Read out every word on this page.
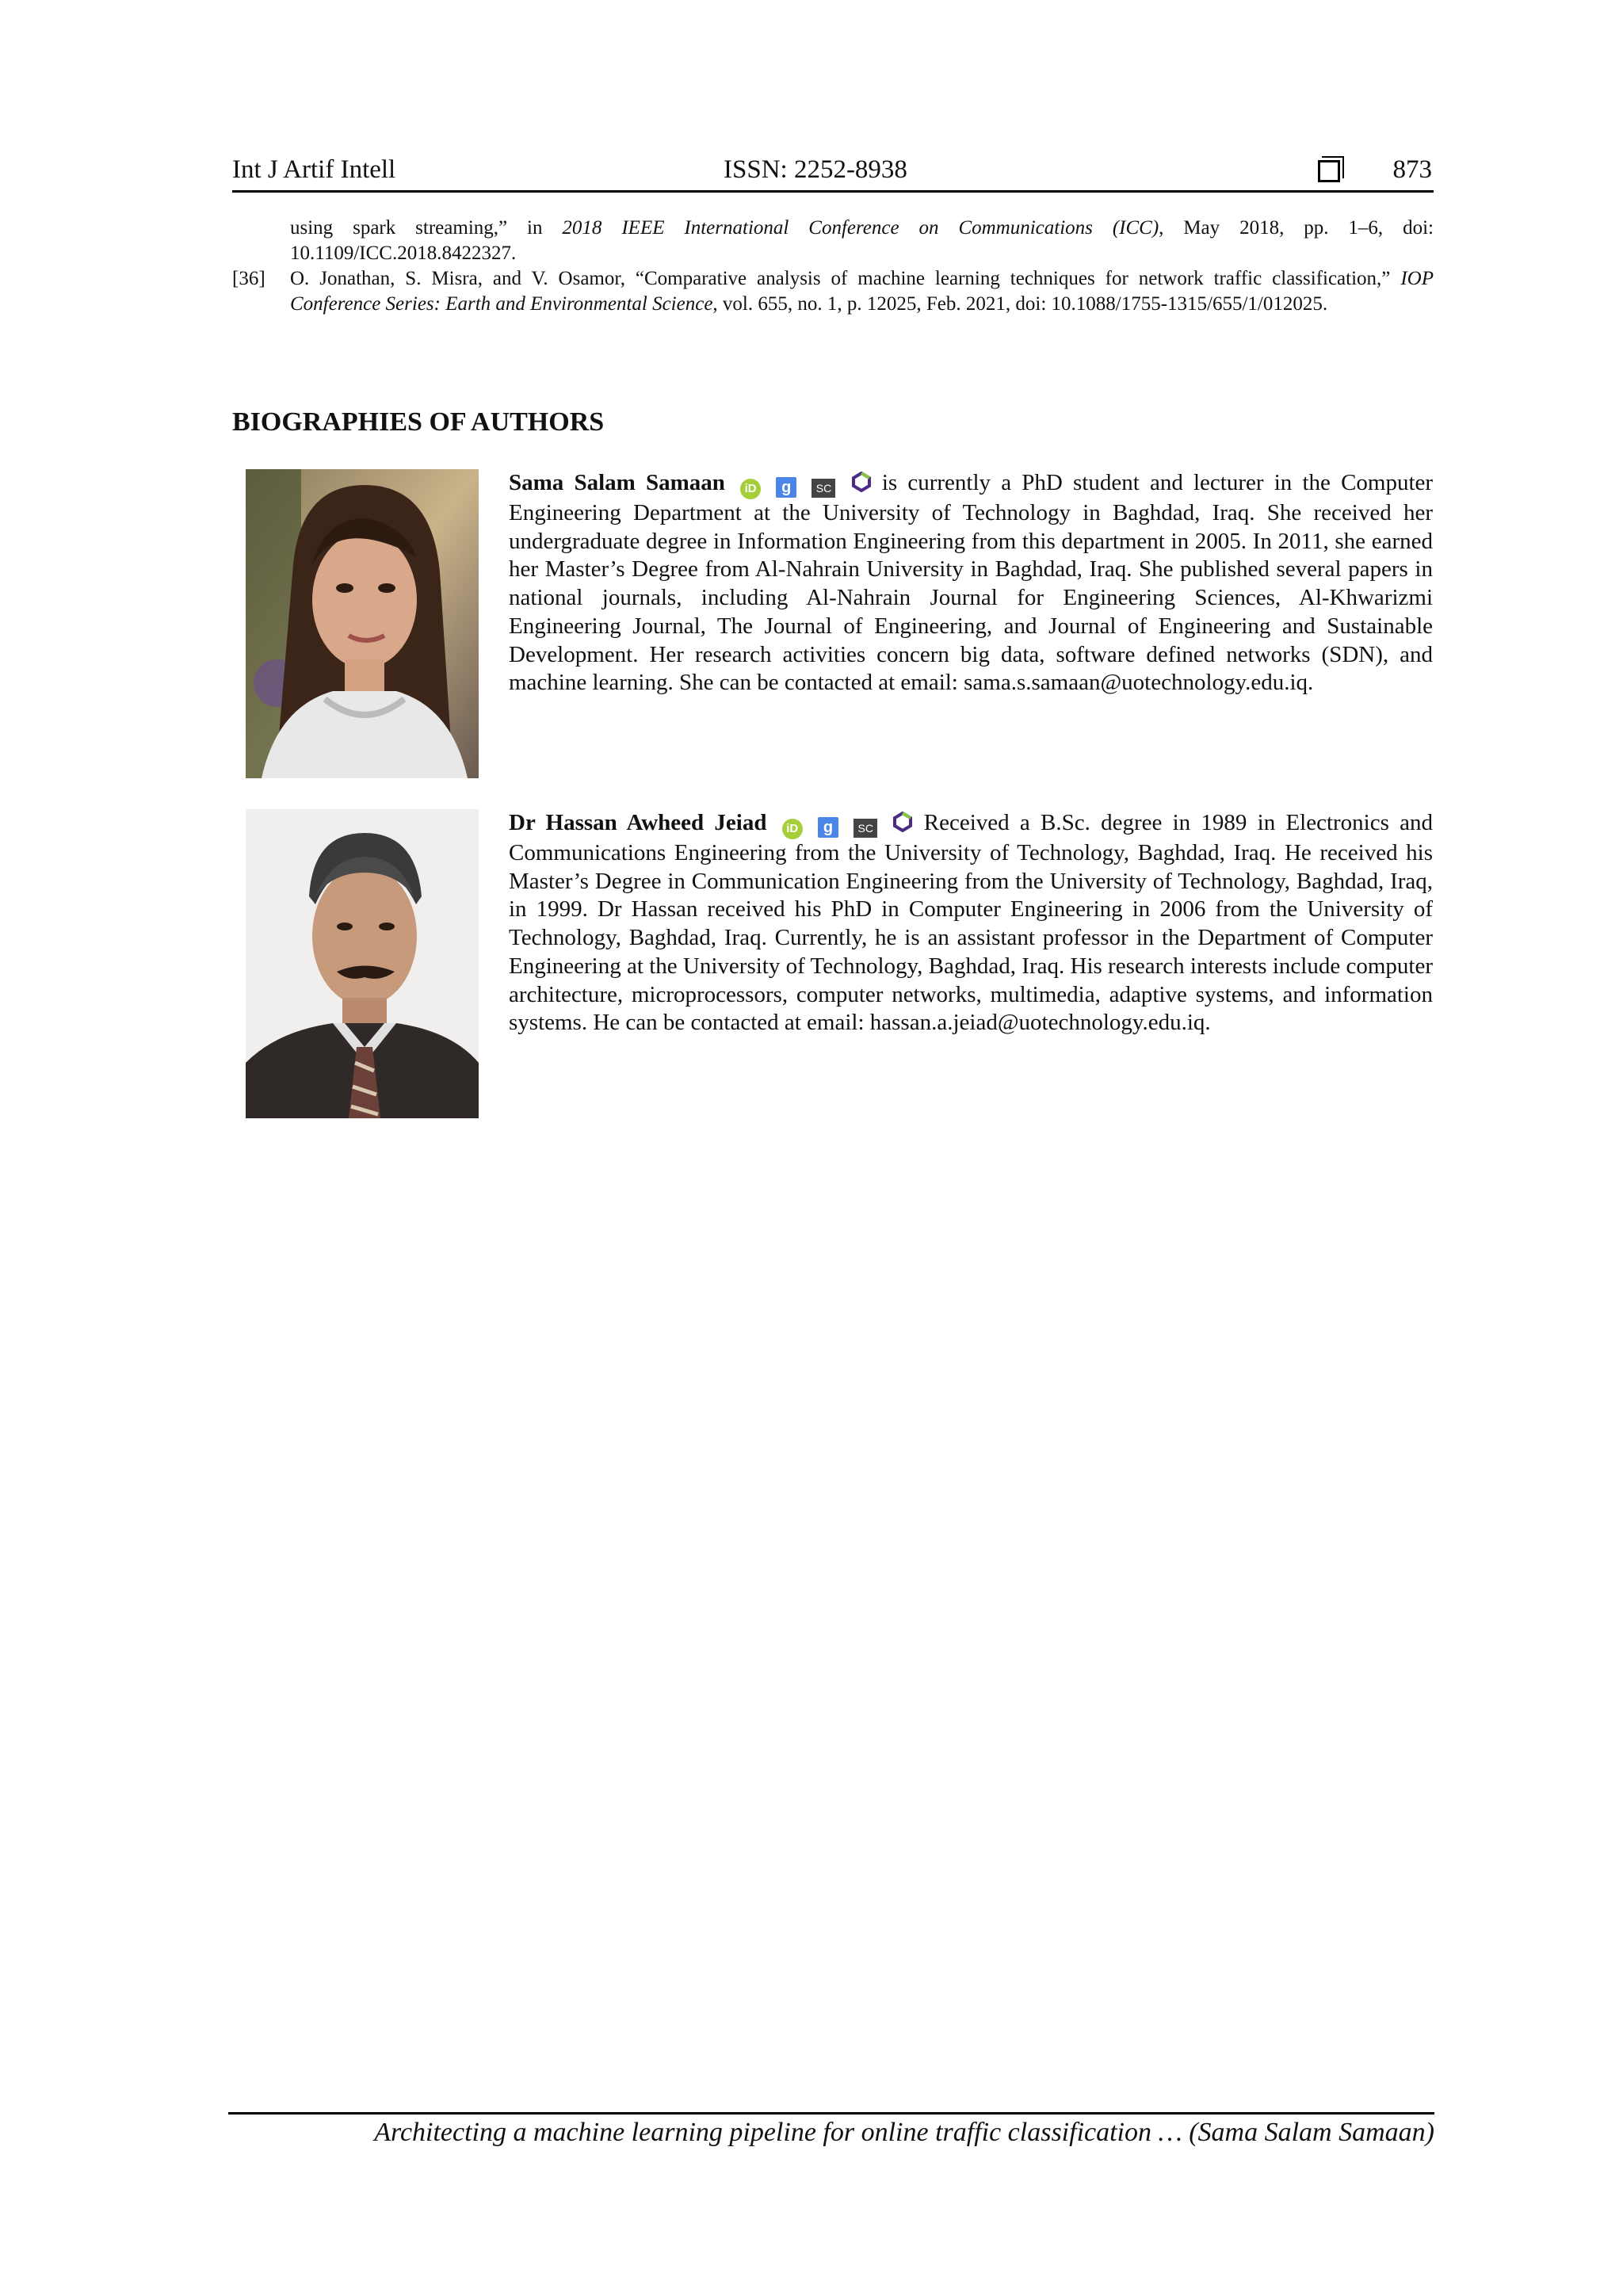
Int J Artif Intell	ISSN: 2252-8938	873
using spark streaming,” in 2018 IEEE International Conference on Communications (ICC), May 2018, pp. 1–6, doi: 10.1109/ICC.2018.8422327.
[36] O. Jonathan, S. Misra, and V. Osamor, “Comparative analysis of machine learning techniques for network traffic classification,” IOP Conference Series: Earth and Environmental Science, vol. 655, no. 1, p. 12025, Feb. 2021, doi: 10.1088/1755-1315/655/1/012025.
BIOGRAPHIES OF AUTHORS
Sama Salam Samaan iD g SC is currently a PhD student and lecturer in the Computer Engineering Department at the University of Technology in Baghdad, Iraq. She received her undergraduate degree in Information Engineering from this department in 2005. In 2011, she earned her Master’s Degree from Al-Nahrain University in Baghdad, Iraq. She published several papers in national journals, including Al-Nahrain Journal for Engineering Sciences, Al-Khwarizmi Engineering Journal, The Journal of Engineering, and Journal of Engineering and Sustainable Development. Her research activities concern big data, software defined networks (SDN), and machine learning. She can be contacted at email: sama.s.samaan@uotechnology.edu.iq.
Dr Hassan Awheed Jeiad iD g SC Received a B.Sc. degree in 1989 in Electronics and Communications Engineering from the University of Technology, Baghdad, Iraq. He received his Master’s Degree in Communication Engineering from the University of Technology, Baghdad, Iraq, in 1999. Dr Hassan received his PhD in Computer Engineering in 2006 from the University of Technology, Baghdad, Iraq. Currently, he is an assistant professor in the Department of Computer Engineering at the University of Technology, Baghdad, Iraq. His research interests include computer architecture, microprocessors, computer networks, multimedia, adaptive systems, and information systems. He can be contacted at email: hassan.a.jeiad@uotechnology.edu.iq.
Architecting a machine learning pipeline for online traffic classification … (Sama Salam Samaan)
